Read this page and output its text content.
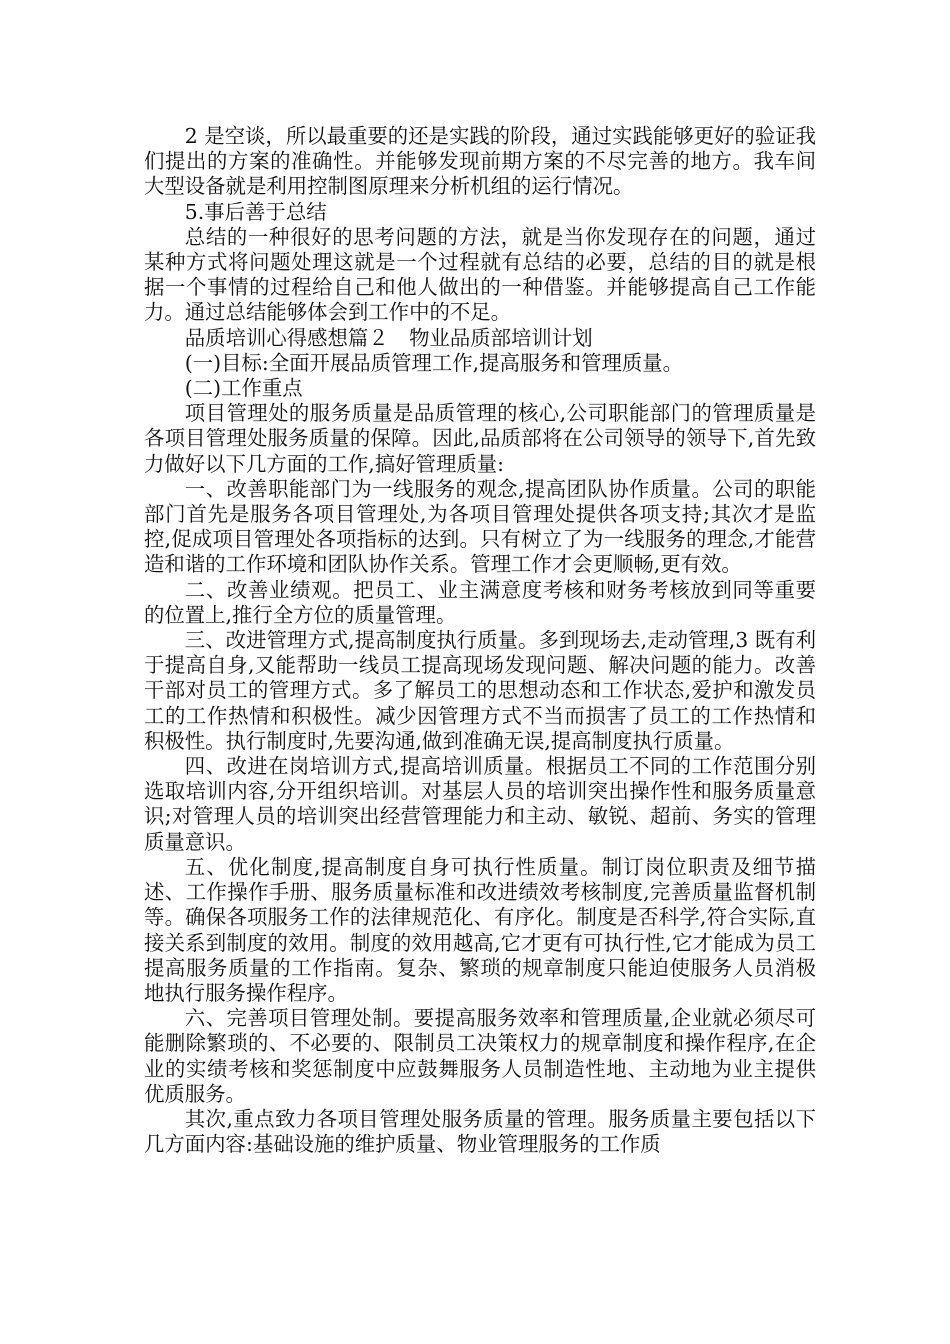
2 是空谈，所以最重要的还是实践的阶段，通过实践能够更好的验证我们提出的方案的准确性。并能够发现前期方案的不尽完善的地方。我车间大型设备就是利用控制图原理来分析机组的运行情况。

5.事后善于总结

总结的一种很好的思考问题的方法，就是当你发现存在的问题，通过某种方式将问题处理这就是一个过程就有总结的必要，总结的目的就是根据一个事情的过程给自己和他人做出的一种借鉴。并能够提高自己工作能力。通过总结能够体会到工作中的不足。

品质培训心得感想篇２　物业品质部培训计划

(一)目标:全面开展品质管理工作,提高服务和管理质量。

(二)工作重点

项目管理处的服务质量是品质管理的核心,公司职能部门的管理质量是各项目管理处服务质量的保障。因此,品质部将在公司领导的领导下,首先致力做好以下几方面的工作,搞好管理质量:

一、改善职能部门为一线服务的观念,提高团队协作质量。公司的职能部门首先是服务各项目管理处,为各项目管理处提供各项支持;其次才是监控,促成项目管理处各项指标的达到。只有树立了为一线服务的理念,才能营造和谐的工作环境和团队协作关系。管理工作才会更顺畅,更有效。

二、改善业绩观。把员工、业主满意度考核和财务考核放到同等重要的位置上,推行全方位的质量管理。

三、改进管理方式,提高制度执行质量。多到现场去,走动管理,3 既有利于提高自身,又能帮助一线员工提高现场发现问题、解决问题的能力。改善干部对员工的管理方式。多了解员工的思想动态和工作状态,爱护和激发员工的工作热情和积极性。减少因管理方式不当而损害了员工的工作热情和积极性。执行制度时,先要沟通,做到准确无误,提高制度执行质量。

四、改进在岗培训方式,提高培训质量。根据员工不同的工作范围分别选取培训内容,分开组织培训。对基层人员的培训突出操作性和服务质量意识;对管理人员的培训突出经营管理能力和主动、敏锐、超前、务实的管理质量意识。

五、优化制度,提高制度自身可执行性质量。制订岗位职责及细节描述、工作操作手册、服务质量标准和改进绩效考核制度,完善质量监督机制等。确保各项服务工作的法律规范化、有序化。制度是否科学,符合实际,直接关系到制度的效用。制度的效用越高,它才更有可执行性,它才能成为员工提高服务质量的工作指南。复杂、繁琐的规章制度只能迫使服务人员消极地执行服务操作程序。

六、完善项目管理处制。要提高服务效率和管理质量,企业就必须尽可能删除繁琐的、不必要的、限制员工决策权力的规章制度和操作程序,在企业的实绩考核和奖惩制度中应鼓舞服务人员制造性地、主动地为业主提供优质服务。

其次,重点致力各项目管理处服务质量的管理。服务质量主要包括以下几方面内容:基础设施的维护质量、物业管理服务的工作质
